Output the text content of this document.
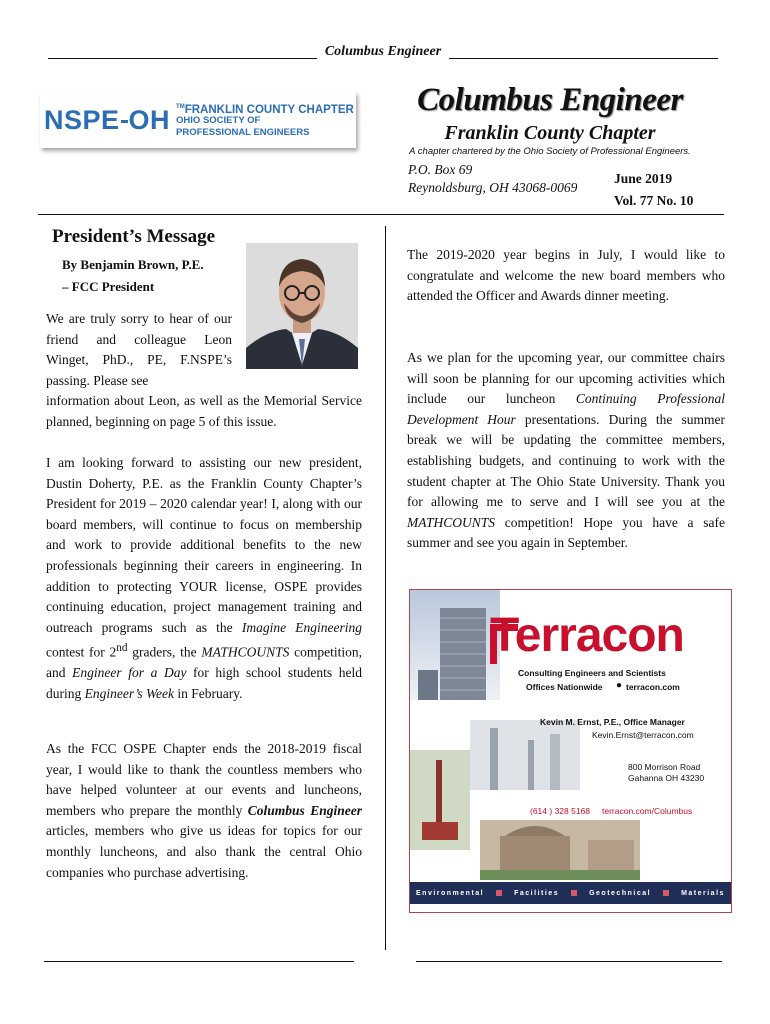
Columbus Engineer
NSPE OH ™FRANKLIN COUNTY CHAPTER
OHIO SOCIETY OF
PROFESSIONAL ENGINEERS
Columbus Engineer
Franklin County Chapter
A chapter chartered by the Ohio Society of Professional Engineers.
P.O. Box 69
Reynoldsburg, OH 43068-0069
June 2019
Vol. 77 No. 10
President’s Message
By Benjamin Brown, P.E.
– FCC President
We are truly sorry to hear of our friend and colleague Leon Winget, PhD., PE, F.NSPE’s passing. Please see
information about Leon, as well as the Memorial Service planned, beginning on page 5 of this issue.
I am looking forward to assisting our new president, Dustin Doherty, P.E. as the Franklin County Chapter’s President for 2019 – 2020 calendar year! I, along with our board members, will continue to focus on membership and work to provide additional benefits to the new professionals beginning their careers in engineering. In addition to protecting YOUR license, OSPE provides continuing education, project management training and outreach programs such as the Imagine Engineering contest for 2nd graders, the MATHCOUNTS competition, and Engineer for a Day for high school students held during Engineer’s Week in February.
As the FCC OSPE Chapter ends the 2018-2019 fiscal year, I would like to thank the countless members who have helped volunteer at our events and luncheons, members who prepare the monthly Columbus Engineer articles, members who give us ideas for topics for our monthly luncheons, and also thank the central Ohio companies who purchase advertising.
The 2019-2020 year begins in July, I would like to congratulate and welcome the new board members who attended the Officer and Awards dinner meeting.
As we plan for the upcoming year, our committee chairs will soon be planning for our upcoming activities which include our luncheon Continuing Professional Development Hour presentations. During the summer break we will be updating the committee members, establishing budgets, and continuing to work with the student chapter at The Ohio State University. Thank you for allowing me to serve and I will see you at the MATHCOUNTS competition! Hope you have a safe summer and see you again in September.
Terracon
Consulting Engineers and Scientists
Offices Nationwide ● terracon.com
Kevin M. Ernst, P.E., Office Manager
Kevin.Ernst@terracon.com
800 Morrison Road
Gahanna OH 43230
(614 ) 328 5168 terracon.com/Columbus
Environmental	Facilities	Geotechnical	Materials
